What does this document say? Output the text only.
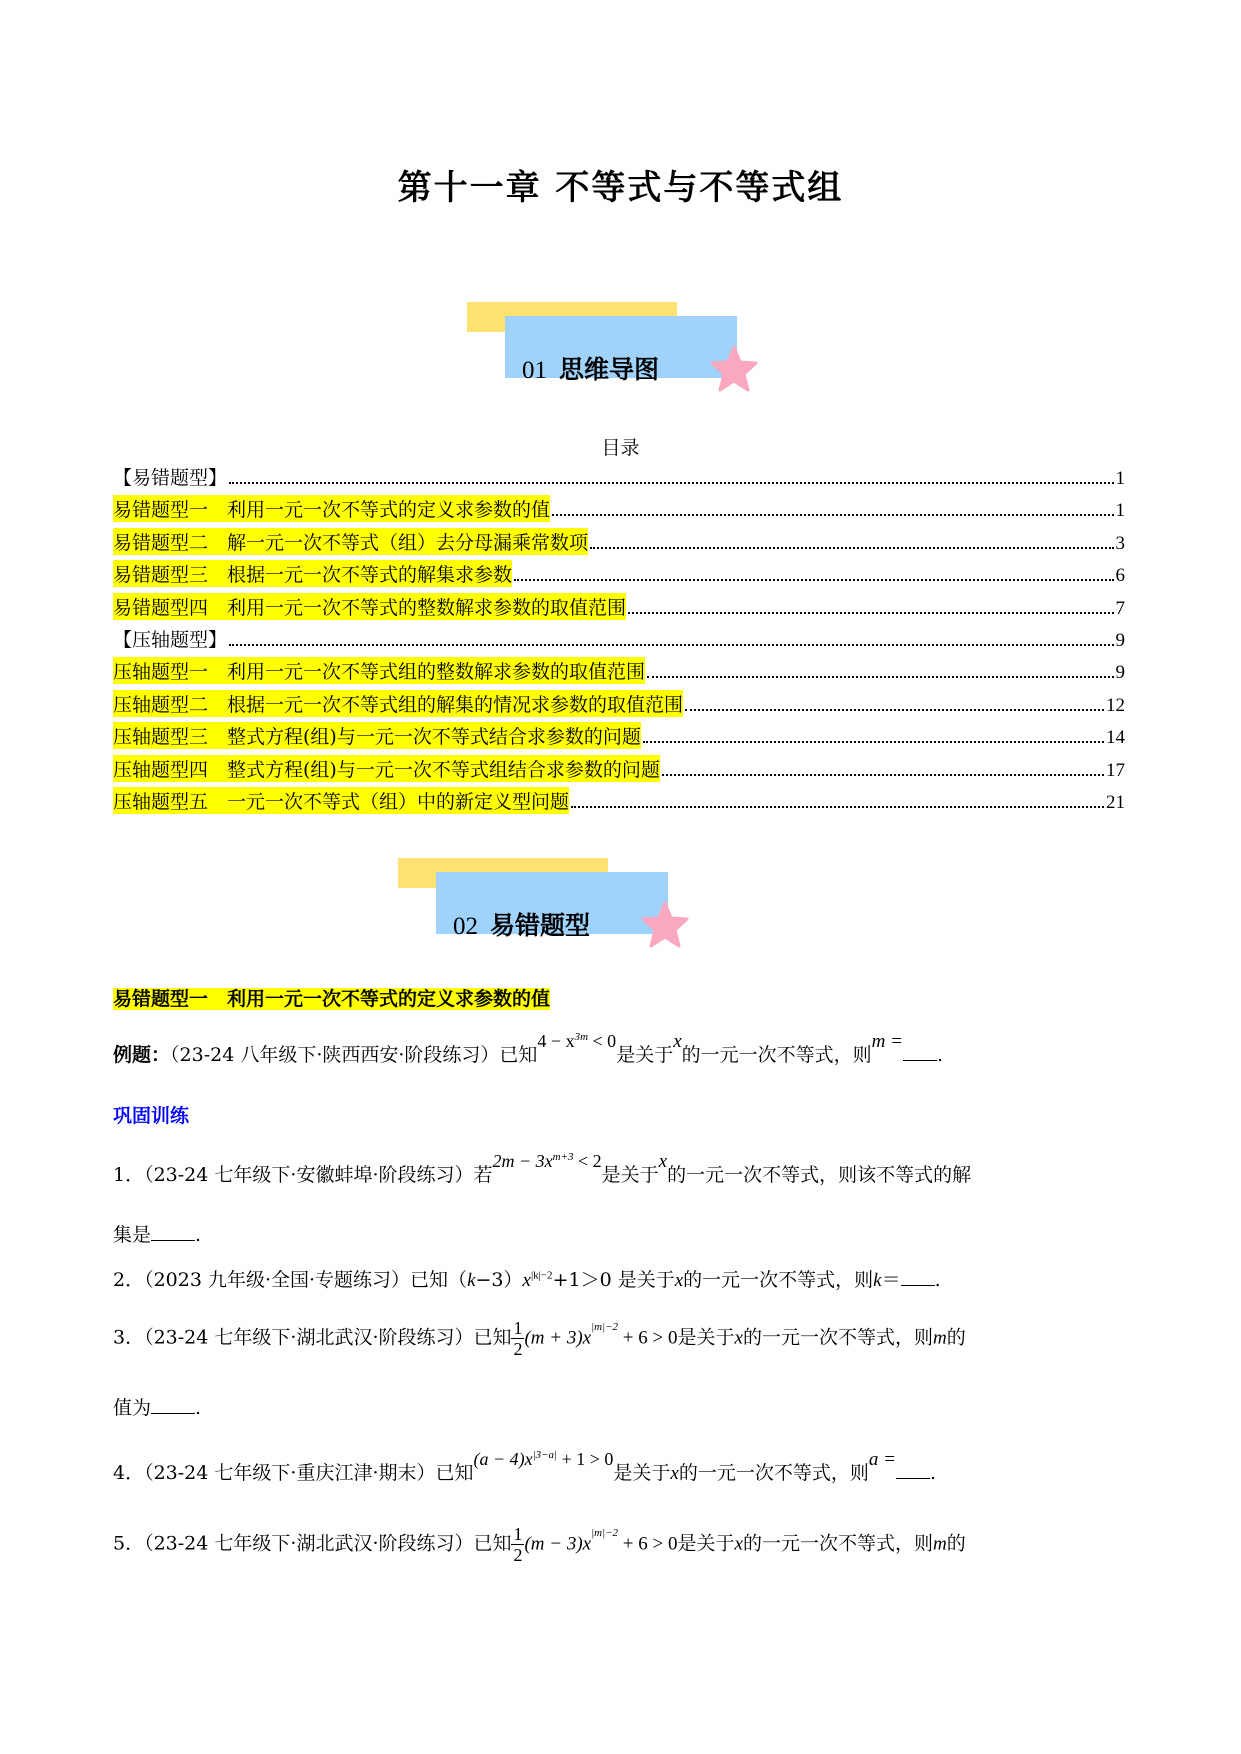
第十一章 不等式与不等式组
01 思维导图
目录
【易错题型】	1
易错题型一　利用一元一次不等式的定义求参数的值	1
易错题型二　解一元一次不等式（组）去分母漏乘常数项	3
易错题型三　根据一元一次不等式的解集求参数	6
易错题型四　利用一元一次不等式的整数解求参数的取值范围	7
【压轴题型】	9
压轴题型一　利用一元一次不等式组的整数解求参数的取值范围	9
压轴题型二　根据一元一次不等式组的解集的情况求参数的取值范围	12
压轴题型三　整式方程(组)与一元一次不等式结合求参数的问题	14
压轴题型四　整式方程(组)与一元一次不等式组结合求参数的问题	17
压轴题型五　一元一次不等式（组）中的新定义型问题	21
02 易错题型
易错题型一　利用一元一次不等式的定义求参数的值
例题：（23-24 八年级下·陕西西安·阶段练习）已知$4 - x^{3m} < 0$是关于x的一元一次不等式，则m =.
巩固训练
1．（23-24 七年级下·安徽蚌埠·阶段练习）若$2m - 3x^{m+3} < 2$是关于x的一元一次不等式，则该不等式的解
集是 .
2．（2023 九年级·全国·专题练习）已知$(k-3)x^{|k|-2}+1>0$ 是关于x的一元一次不等式，则k＝ .
3．（23-24 七年级下·湖北武汉·阶段练习）已知 $\frac{1}{2} (m + 3)x^{|m|-2} + 6 > 0$是关于x的一元一次不等式，则m的
值为 .
4．（23-24 七年级下·重庆江津·期末）已知$(a - 4)x^{|3-a|} + 1 > 0$是关于x的一元一次不等式，则a =.
5．（23-24 七年级下·湖北武汉·阶段练习）已知 $\frac{1}{2} (m - 3)x^{|m|-2} + 6 > 0$是关于x的一元一次不等式，则m的
